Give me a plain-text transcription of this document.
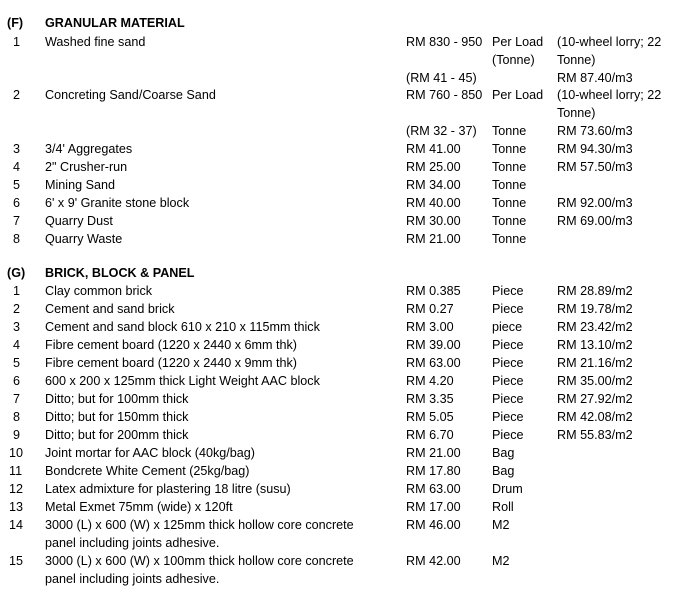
(F) GRANULAR MATERIAL
1 Washed fine sand	RM 830 - 950 Per Load (10-wheel lorry; 22
(Tonne) Tonne)
(RM 41 - 45)	RM 87.40/m3
2 Concreting Sand/Coarse Sand	RM 760 - 850 Per Load (10-wheel lorry; 22
Tonne)
(RM 32 - 37) Tonne RM 73.60/m3
3 3/4' Aggregates	RM 41.00 Tonne RM 94.30/m3
4 2" Crusher-run	RM 25.00 Tonne RM 57.50/m3
5 Mining Sand	RM 34.00 Tonne
6 6' x 9' Granite stone block	RM 40.00 Tonne RM 92.00/m3
7 Quarry Dust	RM 30.00 Tonne RM 69.00/m3
8 Quarry Waste	RM 21.00 Tonne
(G) BRICK, BLOCK & PANEL
1 Clay common brick	RM 0.385 Piece	RM 28.89/m2
2 Cement and sand brick	RM 0.27	Piece	RM 19.78/m2
3 Cement and sand block 610 x 210 x 115mm thick	RM 3.00	piece	RM 23.42/m2
4 Fibre cement board (1220 x 2440 x 6mm thk)	RM 39.00 Piece	RM 13.10/m2
5 Fibre cement board (1220 x 2440 x 9mm thk)	RM 63.00 Piece	RM 21.16/m2
6 600 x 200 x 125mm thick Light Weight AAC block	RM 4.20	Piece	RM 35.00/m2
7 Ditto; but for 100mm thick	RM 3.35	Piece	RM 27.92/m2
8 Ditto; but for 150mm thick	RM 5.05	Piece	RM 42.08/m2
9 Ditto; but for 200mm thick	RM 6.70	Piece	RM 55.83/m2
10 Joint mortar for AAC block (40kg/bag)	RM 21.00 Bag
11 Bondcrete White Cement (25kg/bag)	RM 17.80 Bag
12 Latex admixture for plastering 18 litre (susu)	RM 63.00 Drum
13 Metal Exmet 75mm (wide) x 120ft	RM 17.00 Roll
14 3000 (L) x 600 (W) x 125mm thick hollow core concrete	RM 46.00 M2
panel including joints adhesive.
15 3000 (L) x 600 (W) x 100mm thick hollow core concrete	RM 42.00 M2
panel including joints adhesive.
